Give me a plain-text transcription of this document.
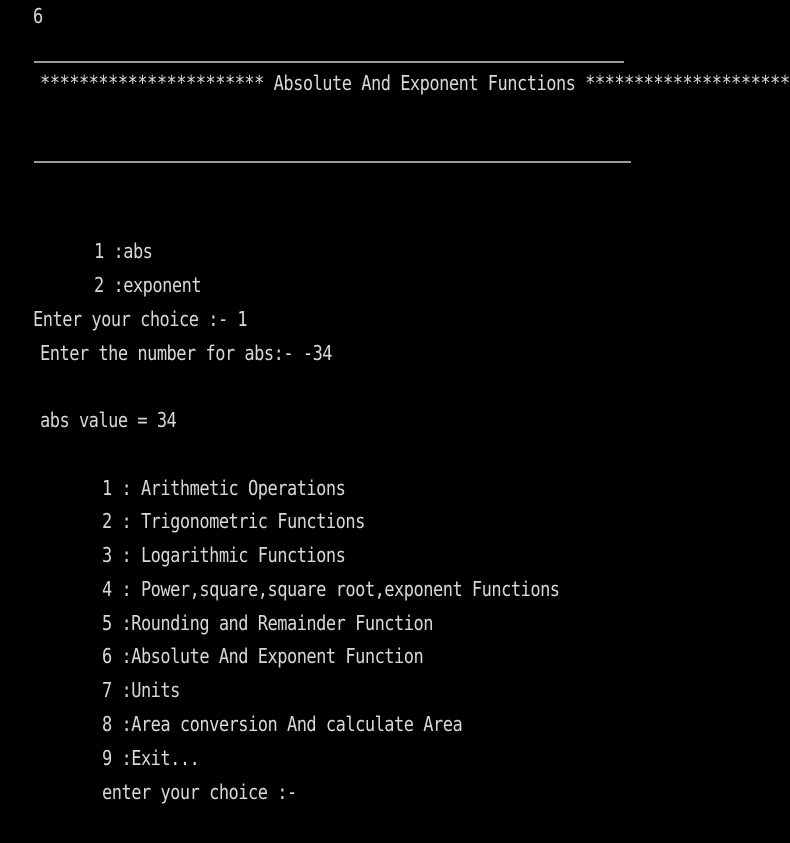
6
*********************** Absolute And Exponent Functions *********************
1 :abs
2 :exponent
Enter your choice :- 1
Enter the number for abs:- -34
abs value = 34
1 : Arithmetic Operations
2 : Trigonometric Functions
3 : Logarithmic Functions
4 : Power,square,square root,exponent Functions
5 :Rounding and Remainder Function
6 :Absolute And Exponent Function
7 :Units
8 :Area conversion And calculate Area
9 :Exit...
enter your choice :-
